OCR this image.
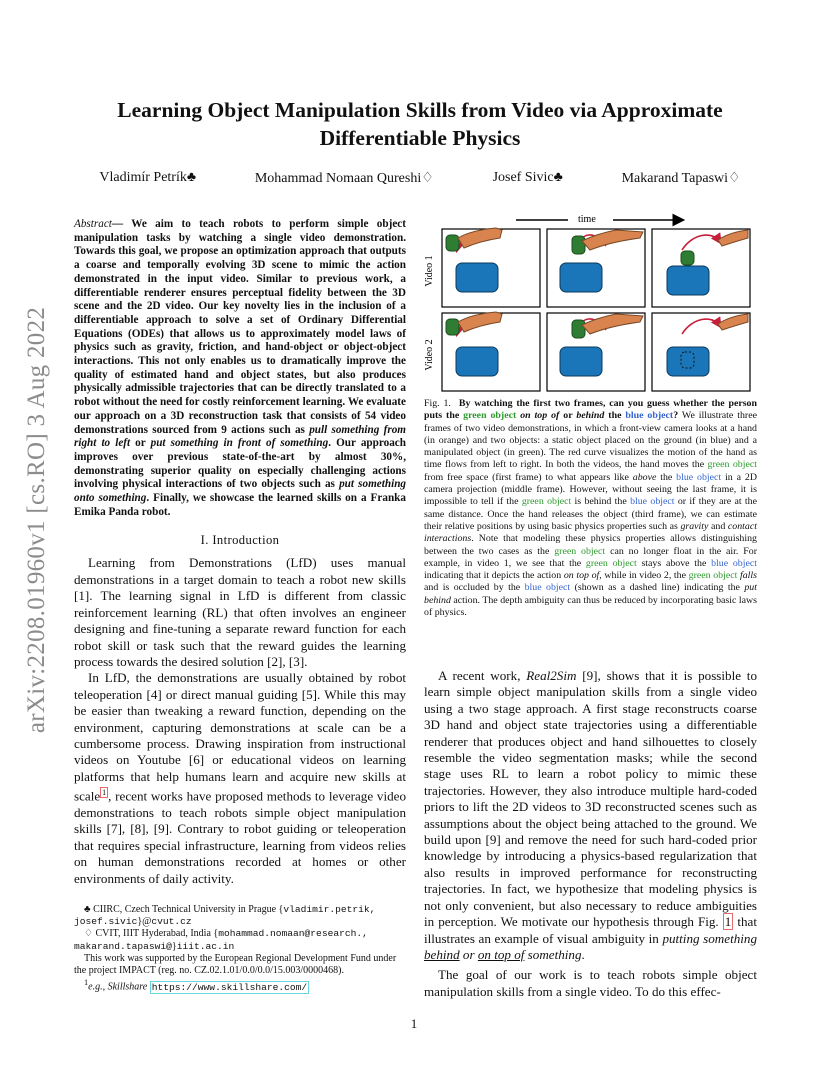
arXiv:2208.01960v1 [cs.RO] 3 Aug 2022
Learning Object Manipulation Skills from Video via Approximate Differentiable Physics
Vladimír Petrík♣	Mohammad Nomaan Qureshi♢	Josef Sivic♣	Makarand Tapaswi♢

Abstract— We aim to teach robots to perform simple object manipulation tasks by watching a single video demonstration. Towards this goal, we propose an optimization approach that outputs a coarse and temporally evolving 3D scene to mimic the action demonstrated in the input video. Similar to previous work, a differentiable renderer ensures perceptual fidelity between the 3D scene and the 2D video. Our key novelty lies in the inclusion of a differentiable approach to solve a set of Ordinary Differential Equations (ODEs) that allows us to approximately model laws of physics such as gravity, friction, and hand-object or object-object interactions. This not only enables us to dramatically improve the quality of estimated hand and object states, but also produces physically admissible trajectories that can be directly translated to a robot without the need for costly reinforcement learning. We evaluate our approach on a 3D reconstruction task that consists of 54 video demonstrations sourced from 9 actions such as pull something from right to left or put something in front of something. Our approach improves over previous state-of-the-art by almost 30%, demonstrating superior quality on especially challenging actions involving physical interactions of two objects such as put something onto something. Finally, we showcase the learned skills on a Franka Emika Panda robot.

I. Introduction

Learning from Demonstrations (LfD) uses manual demonstrations in a target domain to teach a robot new skills [1]. The learning signal in LfD is different from classic reinforcement learning (RL) that often involves an engineer designing and fine-tuning a separate reward function for each robot skill or task such that the reward guides the learning process towards the desired solution [2], [3].

In LfD, the demonstrations are usually obtained by robot teleoperation [4] or direct manual guiding [5]. While this may be easier than tweaking a reward function, depending on the environment, capturing demonstrations at scale can be a cumbersome process. Drawing inspiration from instructional videos on Youtube [6] or educational videos on learning platforms that help humans learn and acquire new skills at scale $^1$ , recent works have proposed methods to leverage video demonstrations to teach robots simple object manipulation skills [7], [8], [9]. Contrary to robot guiding or teleoperation that requires special infrastructure, learning from videos relies on human demonstrations recorded at homes or other environments of daily activity.

♣ CIIRC, Czech Technical University in Prague {vladimir.petrik, josef.sivic}@cvut.cz

♢ CVIT, IIIT Hyderabad, India {mohammad.nomaan@research., makarand.tapaswi@}iiit.ac.in

This work was supported by the European Regional Development Fund under the project IMPACT (reg. no. CZ.02.1.01/0.0/0.0/15.003/0000468).

$^1$e.g., Skillshare https://www.skillshare.com/

time
Video 1
Video 2

Fig. 1. By watching the first two frames, can you guess whether the person puts the green object on top of or behind the blue object? We illustrate three frames of two video demonstrations, in which a front-view camera looks at a hand (in orange) and two objects: a static object placed on the ground (in blue) and a manipulated object (in green). The red curve visualizes the motion of the hand as time flows from left to right. In both the videos, the hand moves the green object from free space (first frame) to what appears like above the blue object in a 2D camera projection (middle frame). However, without seeing the last frame, it is impossible to tell if the green object is behind the blue object or if they are at the same distance. Once the hand releases the object (third frame), we can estimate their relative positions by using basic physics properties such as gravity and contact interactions. Note that modeling these physics properties allows distinguishing between the two cases as the green object can no longer float in the air. For example, in video 1, we see that the green object stays above the blue object indicating that it depicts the action on top of, while in video 2, the green object falls and is occluded by the blue object (shown as a dashed line) indicating the put behind action. The depth ambiguity can thus be reduced by incorporating basic laws of physics.

A recent work, Real2Sim [9], shows that it is possible to learn simple object manipulation skills from a single video using a two stage approach. A first stage reconstructs coarse 3D hand and object state trajectories using a differentiable renderer that produces object and hand silhouettes to closely resemble the video segmentation masks; while the second stage uses RL to learn a robot policy to mimic these trajectories. However, they also introduce multiple hard-coded priors to lift the 2D videos to 3D reconstructed scenes such as assumptions about the object being attached to the ground. We build upon [9] and remove the need for such hard-coded prior knowledge by introducing a physics-based regularization that also results in improved performance for reconstructing trajectories. In fact, we hypothesize that modeling physics is not only convenient, but also necessary to reduce ambiguities in perception. We motivate our hypothesis through Fig. 1 that illustrates an example of visual ambiguity in putting something behind or on top of something.

The goal of our work is to teach robots simple object manipulation skills from a single video. To do this effec-

1
